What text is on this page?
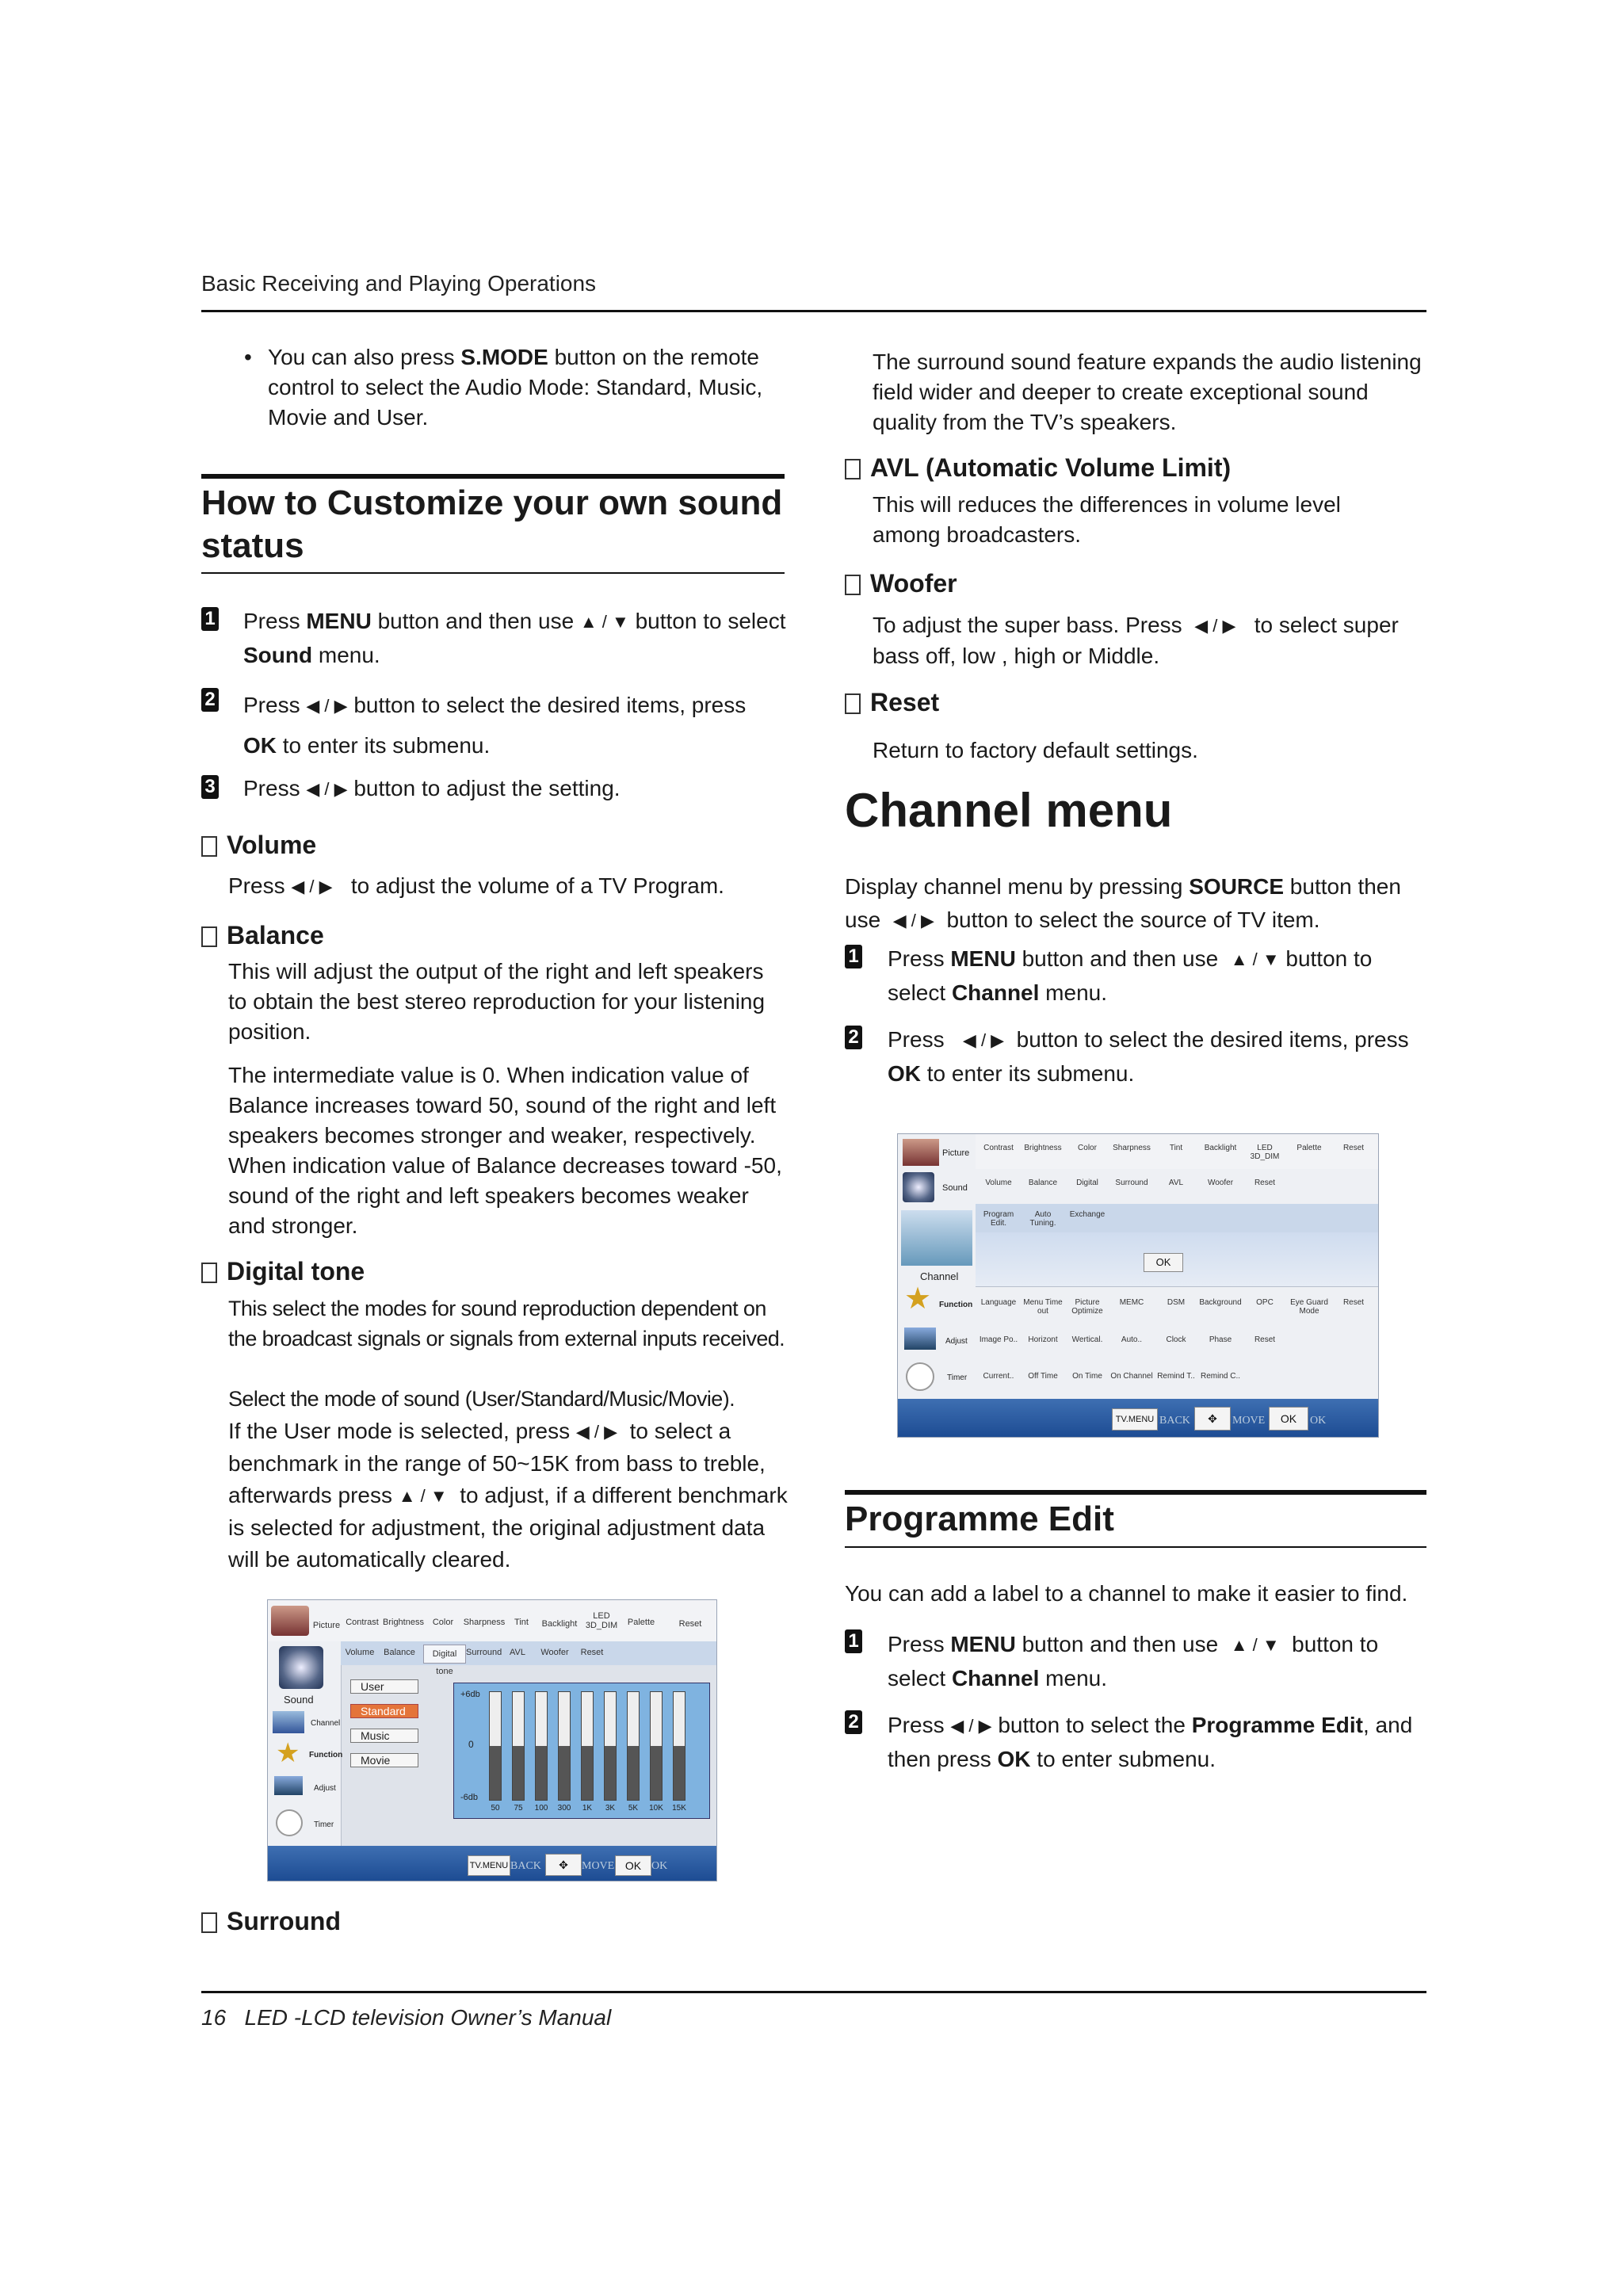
Basic Receiving and Playing Operations
• You can also press S.MODE button on the remote control to select the Audio Mode: Standard, Music, Movie and User.
How to Customize your own sound status
1 Press MENU button and then use ▲ / ▼ button to select Sound menu.
2 Press ◀ / ▶ button to select the desired items, press OK to enter its submenu.
3 Press ◀ / ▶ button to adjust the setting.
Volume
Press ◀ / ▶   to adjust the volume of a TV Program.
Balance
This will adjust the output of the right and left speakers to obtain the best stereo reproduction for your listening position.
The intermediate value is 0. When indication value of Balance increases toward 50, sound of the right and left speakers becomes stronger and weaker, respectively. When indication value of Balance decreases toward -50, sound of the right and left speakers becomes weaker and stronger.
Digital tone
This select the modes for sound reproduction dependent on the broadcast signals or signals from external inputs received.
Select the mode of sound (User/Standard/Music/Movie).
If the User mode is selected, press ◀ / ▶  to select a benchmark in the range of 50~15K from bass to treble, afterwards press ▲ / ▼  to adjust, if a different benchmark is selected for adjustment, the original adjustment data will be automatically cleared.
Picture Contrast Brightness Color	Sharpness	Tint	Backlight
LED 3D_DIM	Palette	Reset
Sound
Channel
★ Function
Adjust
Timer
Volume	Balance	Digital tone
Surround AVL	Woofer Reset
User
Standard
Music
Movie
+6db
0
-6db
50	75	100	300	1K	3K	5K	10K	15K
TV.MENU BACK	✥	MOVE OK OK
Surround
The surround sound feature expands the audio listening field wider and deeper to create exceptional sound quality from the TV’s speakers.
AVL (Automatic Volume Limit)
This will reduces the differences in volume level among broadcasters.
Woofer
To adjust the super bass. Press  ◀ / ▶   to select super bass off, low , high or Middle.
Reset
Return to factory default settings.
Channel menu
Display channel menu by pressing SOURCE button then use  ◀ / ▶  button to select the source of TV item.
1 Press MENU button and then use  ▲ / ▼ button to select Channel menu.
2 Press   ◀ / ▶  button to select the desired items, press OK to enter its submenu.
Picture
Sound
Channel
★ Function
Adjust
Timer
Contrast	Brightness	Color	Sharpness	Tint	Backlight	LED 3D_DIM
Palette	Reset
Volume	Balance	Digital	Surround	AVL	Woofer	Reset
Program Edit.
Auto Tuning.
Exchange
Language Menu Time out
Picture Optimize
MEMC	DSM	Background	OPC	Eye Guard Mode
Reset
Image Po..	Horizont	Wertical.	Auto..	Clock	Phase	Reset
Current..	Off Time	On Time	On Channel Remind T.. Remind C..
OK
TV.MENU BACK	✥	MOVE	OK	OK
Programme Edit
You can add a label to a channel to make it easier to find.
1 Press MENU button and then use  ▲ / ▼  button to select Channel menu.
2 Press ◀ / ▶ button to select the Programme Edit, and then press OK to enter submenu.
16 LED -LCD television Owner’s Manual
